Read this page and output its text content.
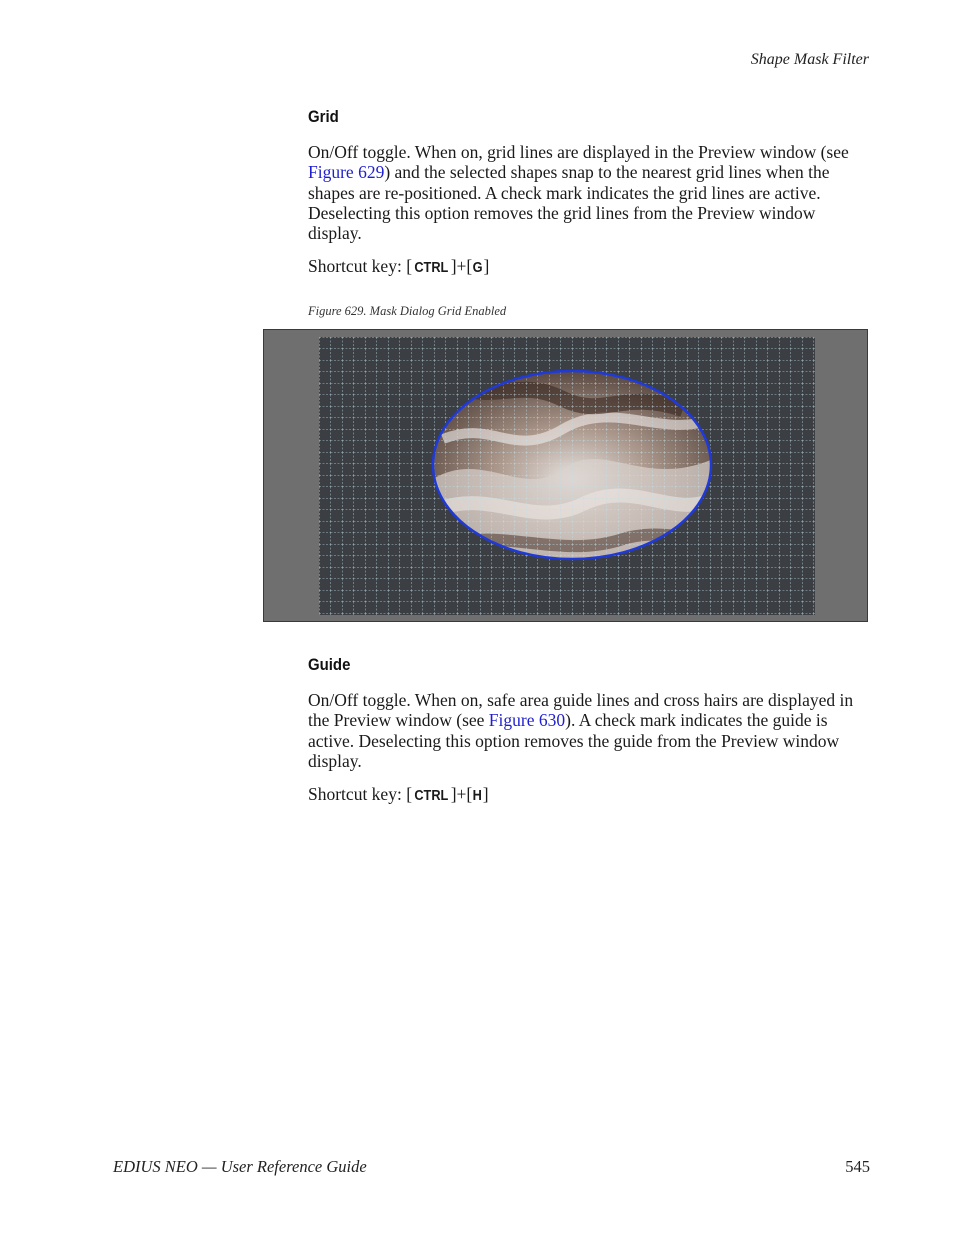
Shape Mask Filter
Grid
On/Off toggle. When on, grid lines are displayed in the Preview window (see Figure 629) and the selected shapes snap to the nearest grid lines when the shapes are re-positioned. A check mark indicates the grid lines are active. Deselecting this option removes the grid lines from the Preview window display.
Shortcut key: [ CTRL ]+[G]
Figure 629. Mask Dialog Grid Enabled
Guide
On/Off toggle. When on, safe area guide lines and cross hairs are displayed in the Preview window (see Figure 630). A check mark indicates the guide is active. Deselecting this option removes the guide from the Preview window display.
Shortcut key: [ CTRL ]+[H]
EDIUS NEO — User Reference Guide	545
